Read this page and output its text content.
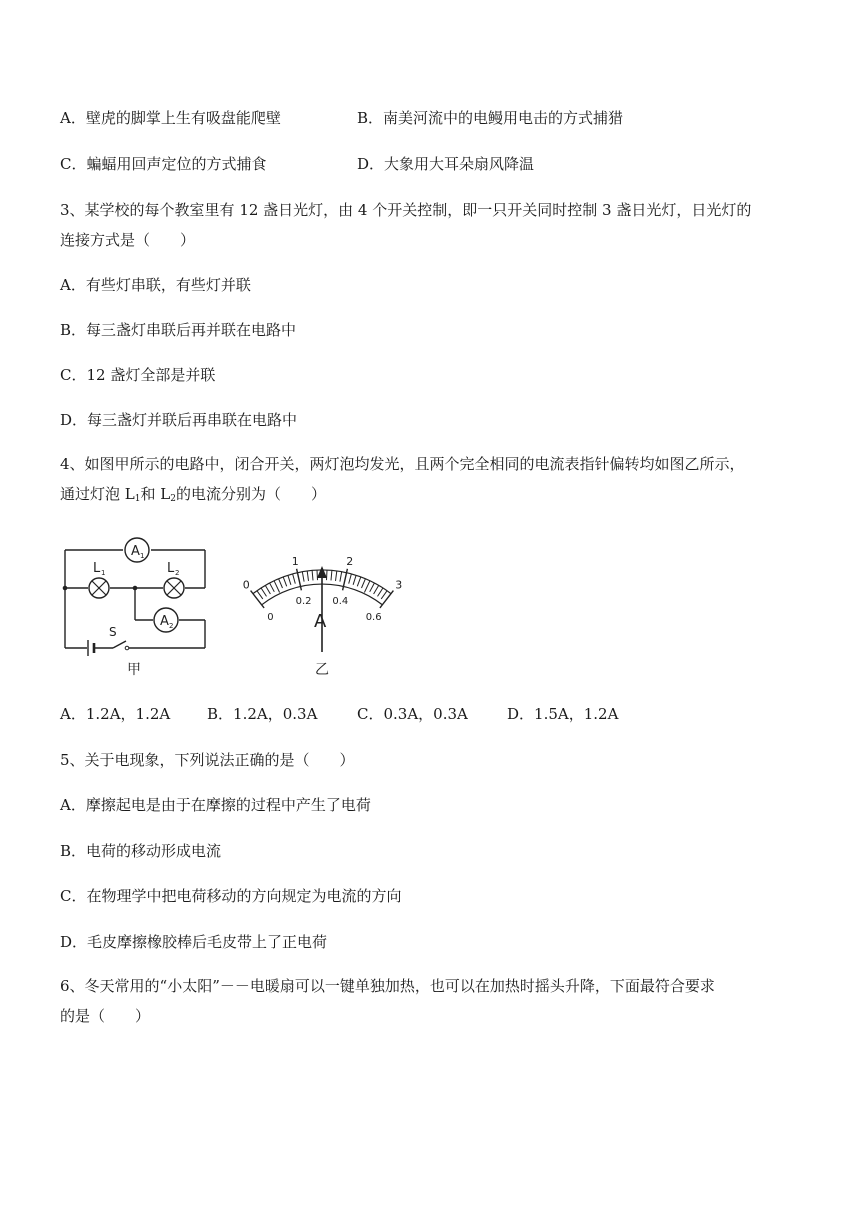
A．壁虎的脚掌上生有吸盘能爬壁	B．南美河流中的电鳗用电击的方式捕猎
C．蝙蝠用回声定位的方式捕食	D．大象用大耳朵扇风降温
3、某学校的每个教室里有 12 盏日光灯，由 4 个开关控制，即一只开关同时控制 3 盏日光灯，日光灯的
连接方式是（　　）
A．有些灯串联，有些灯并联
B．每三盏灯串联后再并联在电路中
C．12 盏灯全部是并联
D．每三盏灯并联后再串联在电路中
4、如图甲所示的电路中，闭合开关，两灯泡均发光，且两个完全相同的电流表指针偏转均如图乙所示，
通过灯泡 $L_1$和 $L_2$的电流分别为（　　）
A 1
L 1	L 2
A 2
S
甲
0
1	2
3
0
0.2 0.4
0.6
A
乙
A．1.2A，1.2A B．1.2A，0.3A	C．0.3A，0.3A	D．1.5A，1.2A
5、关于电现象，下列说法正确的是（　　）
A．摩擦起电是由于在摩擦的过程中产生了电荷
B．电荷的移动形成电流
C．在物理学中把电荷移动的方向规定为电流的方向
D．毛皮摩擦橡胶棒后毛皮带上了正电荷
6、冬天常用的“小太阳”－－电暖扇可以一键单独加热，也可以在加热时摇头升降，下面最符合要求
的是（　　）
